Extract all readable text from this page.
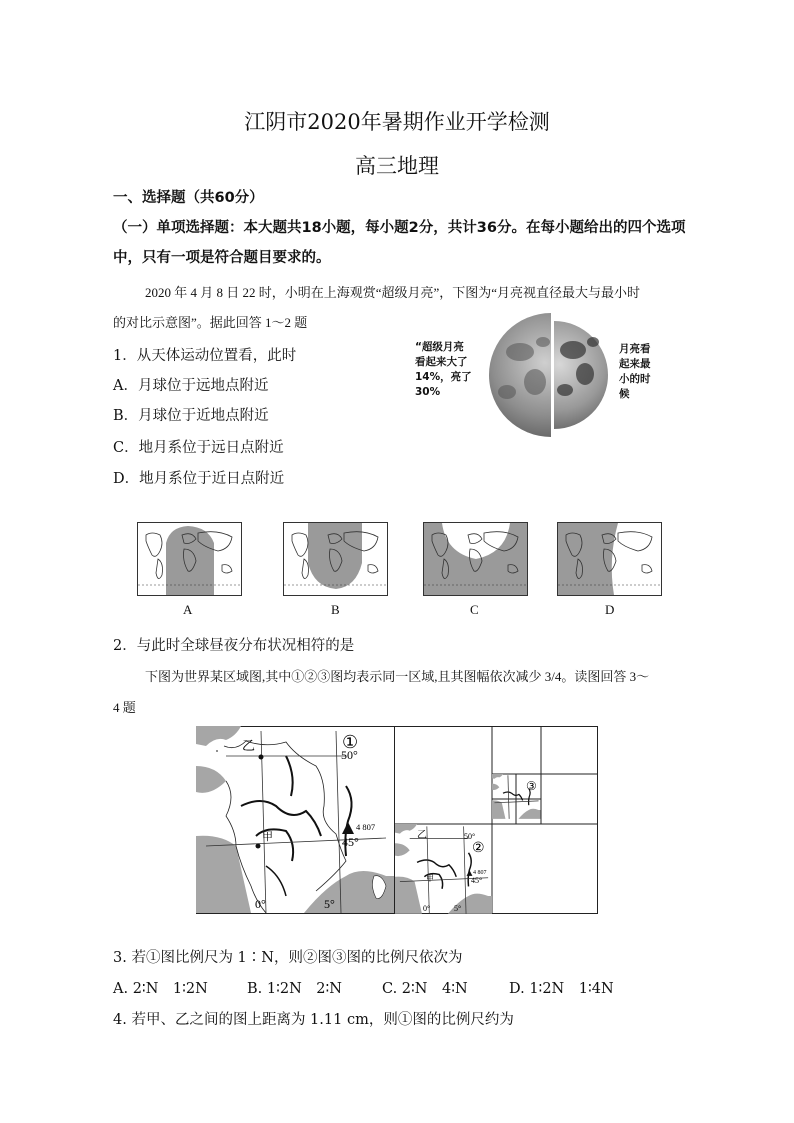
江阴市2020年暑期作业开学检测
高三地理
一、选择题（共60分）
（一）单项选择题：本大题共18小题，每小题2分，共计36分。在每小题给出的四个选项
中，只有一项是符合题目要求的。
2020 年 4 月 8 日 22 时，小明在上海观赏“超级月亮”，下图为“月亮视直径最大与最小时
的对比示意图”。据此回答 1～2 题
1．从天体运动位置看，此时
A．月球位于远地点附近
B．月球位于近地点附近
C．地月系位于远日点附近
D．地月系位于近日点附近
“超级月亮
看起来大了
14%，亮了
30%
月亮看
起来最
小的时
候
A	B	C	D
2．与此时全球昼夜分布状况相符的是
下图为世界某区域图,其中①②③图均表示同一区域,且其图幅依次减少 3/4。读图回答 3～
4 题
乙
甲
50°
45°
0°	5°
4 807
①
乙
甲
50°
45°
0°	5°
4 807
②
③
3. 若①图比例尺为 1∶N，则②图③图的比例尺依次为
A. 2∶N　1∶2N	B. 1∶2N　2∶N	C. 2∶N　4∶N	D. 1∶2N　1∶4N
4. 若甲、乙之间的图上距离为 1.11 cm，则①图的比例尺约为
